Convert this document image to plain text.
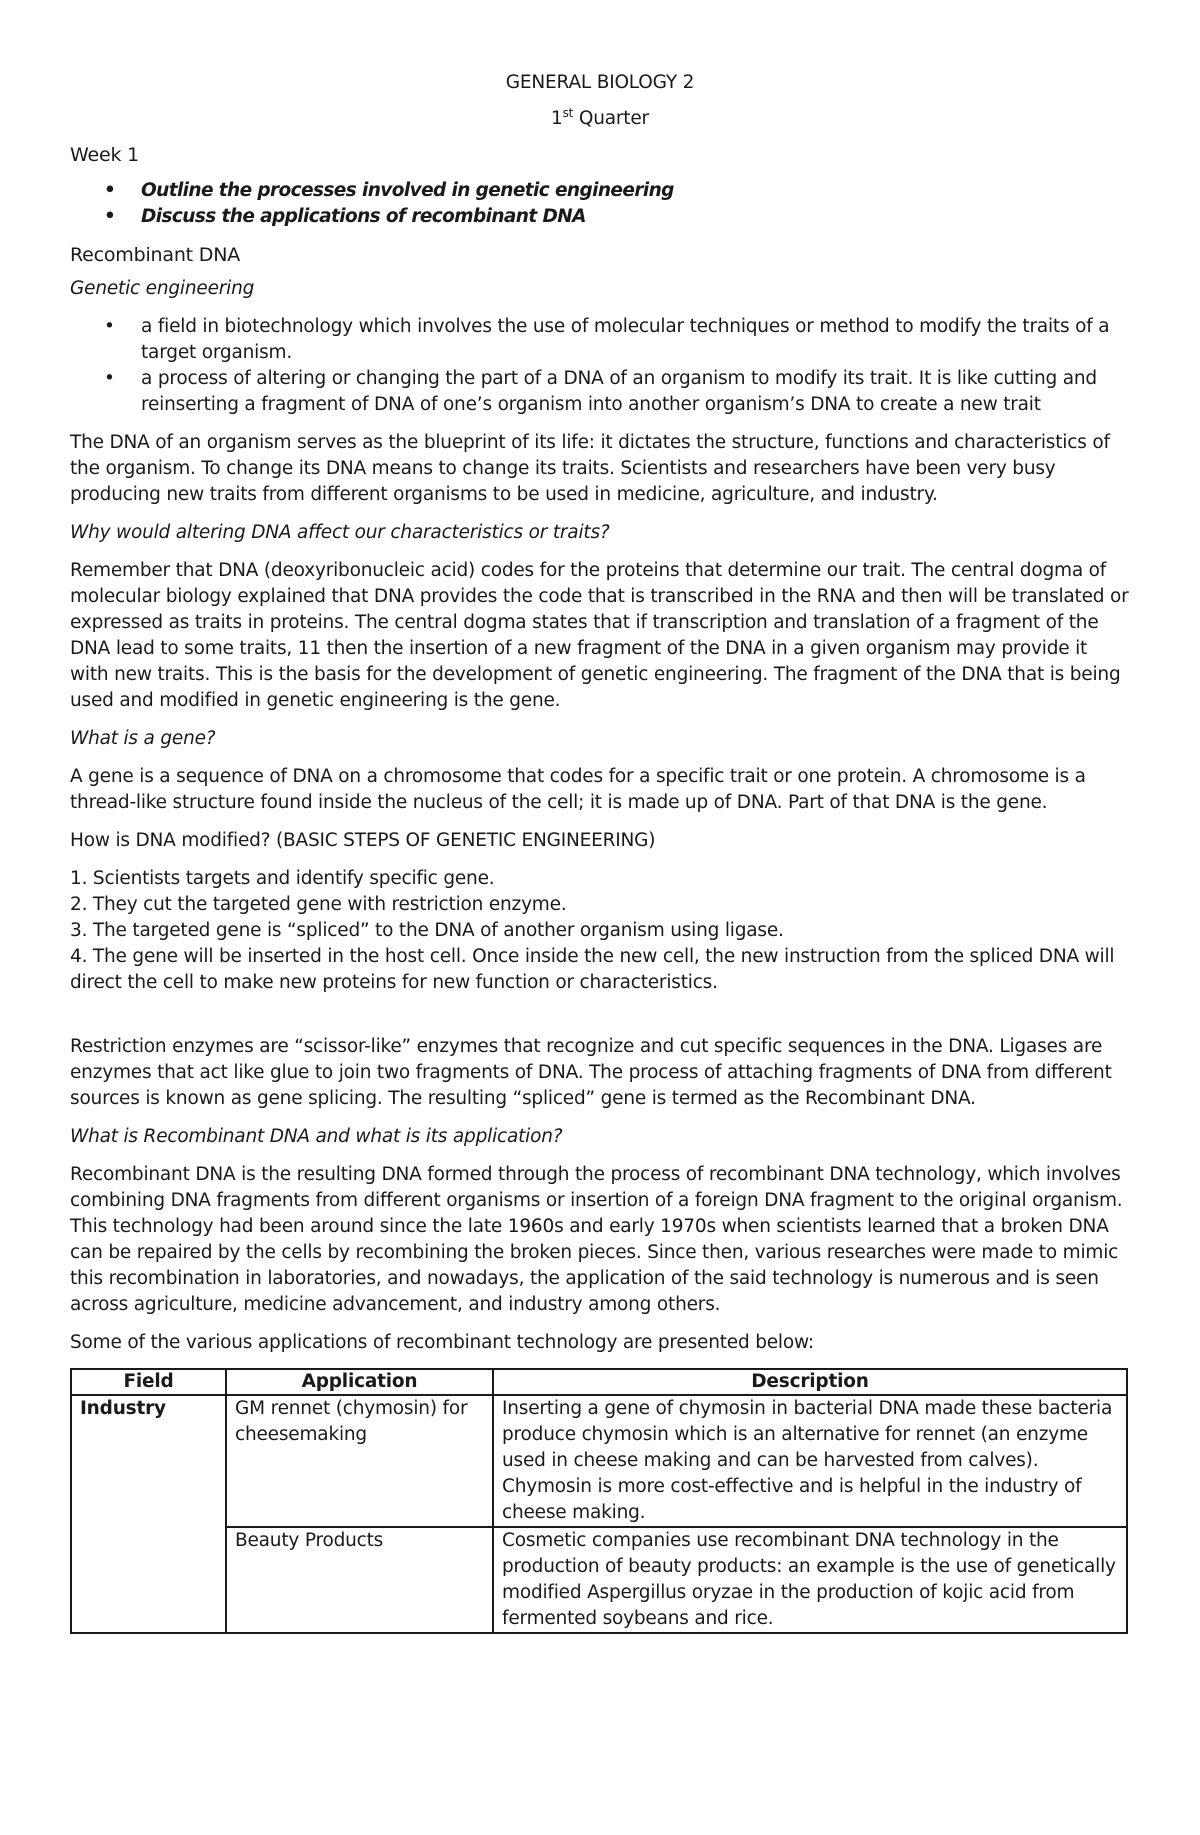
GENERAL BIOLOGY 2
1st Quarter
Week 1
• Outline the processes involved in genetic engineering
• Discuss the applications of recombinant DNA
Recombinant DNA

Genetic engineering

• a field in biotechnology which involves the use of molecular techniques or method to modify the traits of a target organism.
• a process of altering or changing the part of a DNA of an organism to modify its trait. It is like cutting and reinserting a fragment of DNA of one’s organism into another organism’s DNA to create a new trait

The DNA of an organism serves as the blueprint of its life: it dictates the structure, functions and characteristics of the organism. To change its DNA means to change its traits. Scientists and researchers have been very busy producing new traits from different organisms to be used in medicine, agriculture, and industry.

Why would altering DNA affect our characteristics or traits?

Remember that DNA (deoxyribonucleic acid) codes for the proteins that determine our trait. The central dogma of molecular biology explained that DNA provides the code that is transcribed in the RNA and then will be translated or expressed as traits in proteins. The central dogma states that if transcription and translation of a fragment of the DNA lead to some traits, 11 then the insertion of a new fragment of the DNA in a given organism may provide it with new traits. This is the basis for the development of genetic engineering. The fragment of the DNA that is being used and modified in genetic engineering is the gene.

What is a gene?

A gene is a sequence of DNA on a chromosome that codes for a specific trait or one protein. A chromosome is a thread-like structure found inside the nucleus of the cell; it is made up of DNA. Part of that DNA is the gene.

How is DNA modified? (BASIC STEPS OF GENETIC ENGINEERING)

1. Scientists targets and identify specific gene.
2. They cut the targeted gene with restriction enzyme.
3. The targeted gene is “spliced” to the DNA of another organism using ligase.
4. The gene will be inserted in the host cell. Once inside the new cell, the new instruction from the spliced DNA will direct the cell to make new proteins for new function or characteristics.

Restriction enzymes are “scissor-like” enzymes that recognize and cut specific sequences in the DNA. Ligases are enzymes that act like glue to join two fragments of DNA. The process of attaching fragments of DNA from different sources is known as gene splicing. The resulting “spliced” gene is termed as the Recombinant DNA.

What is Recombinant DNA and what is its application?

Recombinant DNA is the resulting DNA formed through the process of recombinant DNA technology, which involves combining DNA fragments from different organisms or insertion of a foreign DNA fragment to the original organism. This technology had been around since the late 1960s and early 1970s when scientists learned that a broken DNA can be repaired by the cells by recombining the broken pieces. Since then, various researches were made to mimic this recombination in laboratories, and nowadays, the application of the said technology is numerous and is seen across agriculture, medicine advancement, and industry among others.

Some of the various applications of recombinant technology are presented below:
Field	Application	Description
Industry	GM rennet (chymosin) for cheesemaking	Inserting a gene of chymosin in bacterial DNA made these bacteria produce chymosin which is an alternative for rennet (an enzyme used in cheese making and can be harvested from calves). Chymosin is more cost-effective and is helpful in the industry of cheese making.
	Beauty Products	Cosmetic companies use recombinant DNA technology in the production of beauty products: an example is the use of genetically modified Aspergillus oryzae in the production of kojic acid from fermented soybeans and rice.
